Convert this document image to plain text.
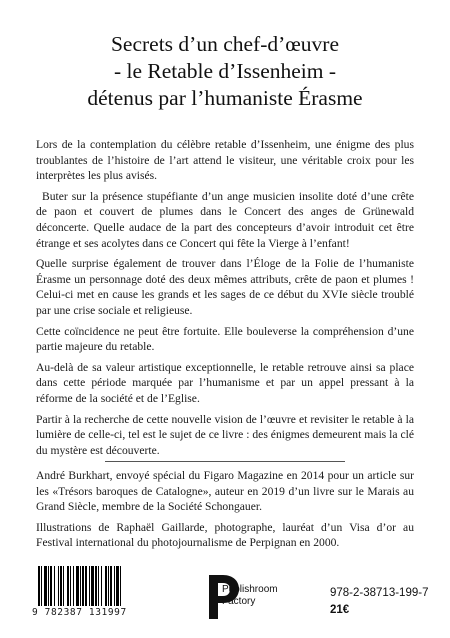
Secrets d’un chef-d’œuvre
- le Retable d’Issenheim -
détenus par l’humaniste Érasme

Lors de la contemplation du célèbre retable d’Issenheim, une énigme des plus troublantes de l’histoire de l’art attend le visiteur, une véritable croix pour les interprètes les plus avisés.

Buter sur la présence stupéfiante d’un ange musicien insolite doté d’une crête de paon et couvert de plumes dans le Concert des anges de Grünewald déconcerte. Quelle audace de la part des concepteurs d’avoir introduit cet être étrange et ses acolytes dans ce Concert qui fête la Vierge à l’enfant!

Quelle surprise également de trouver dans l’Éloge de la Folie de l’humaniste Érasme un personnage doté des deux mêmes attributs, crête de paon et plumes ! Celui-ci met en cause les grands et les sages de ce début du XVIe siècle troublé par une crise sociale et religieuse.

Cette coïncidence ne peut être fortuite. Elle bouleverse la compréhension d’une partie majeure du retable.

Au-delà de sa valeur artistique exceptionnelle, le retable retrouve ainsi sa place dans cette période marquée par l’humanisme et par un appel pressant à la réforme de la société et de l’Eglise.

Partir à la recherche de cette nouvelle vision de l’œuvre et revisiter le retable à la lumière de celle-ci, tel est le sujet de ce livre : des énigmes demeurent mais la clé du mystère est découverte.

André Burkhart, envoyé spécial du Figaro Magazine en 2014 pour un article sur les «Trésors baroques de Catalogne», auteur en 2019 d’un livre sur le Marais au Grand Siècle, membre de la Société Schongauer.

Illustrations de Raphaël Gaillarde, photographe, lauréat d’un Visa d’or au Festival international du photojournalisme de Perpignan en 2000.

9 782387 131997
Publishroom
Factory
978-2-38713-199-7
21€
